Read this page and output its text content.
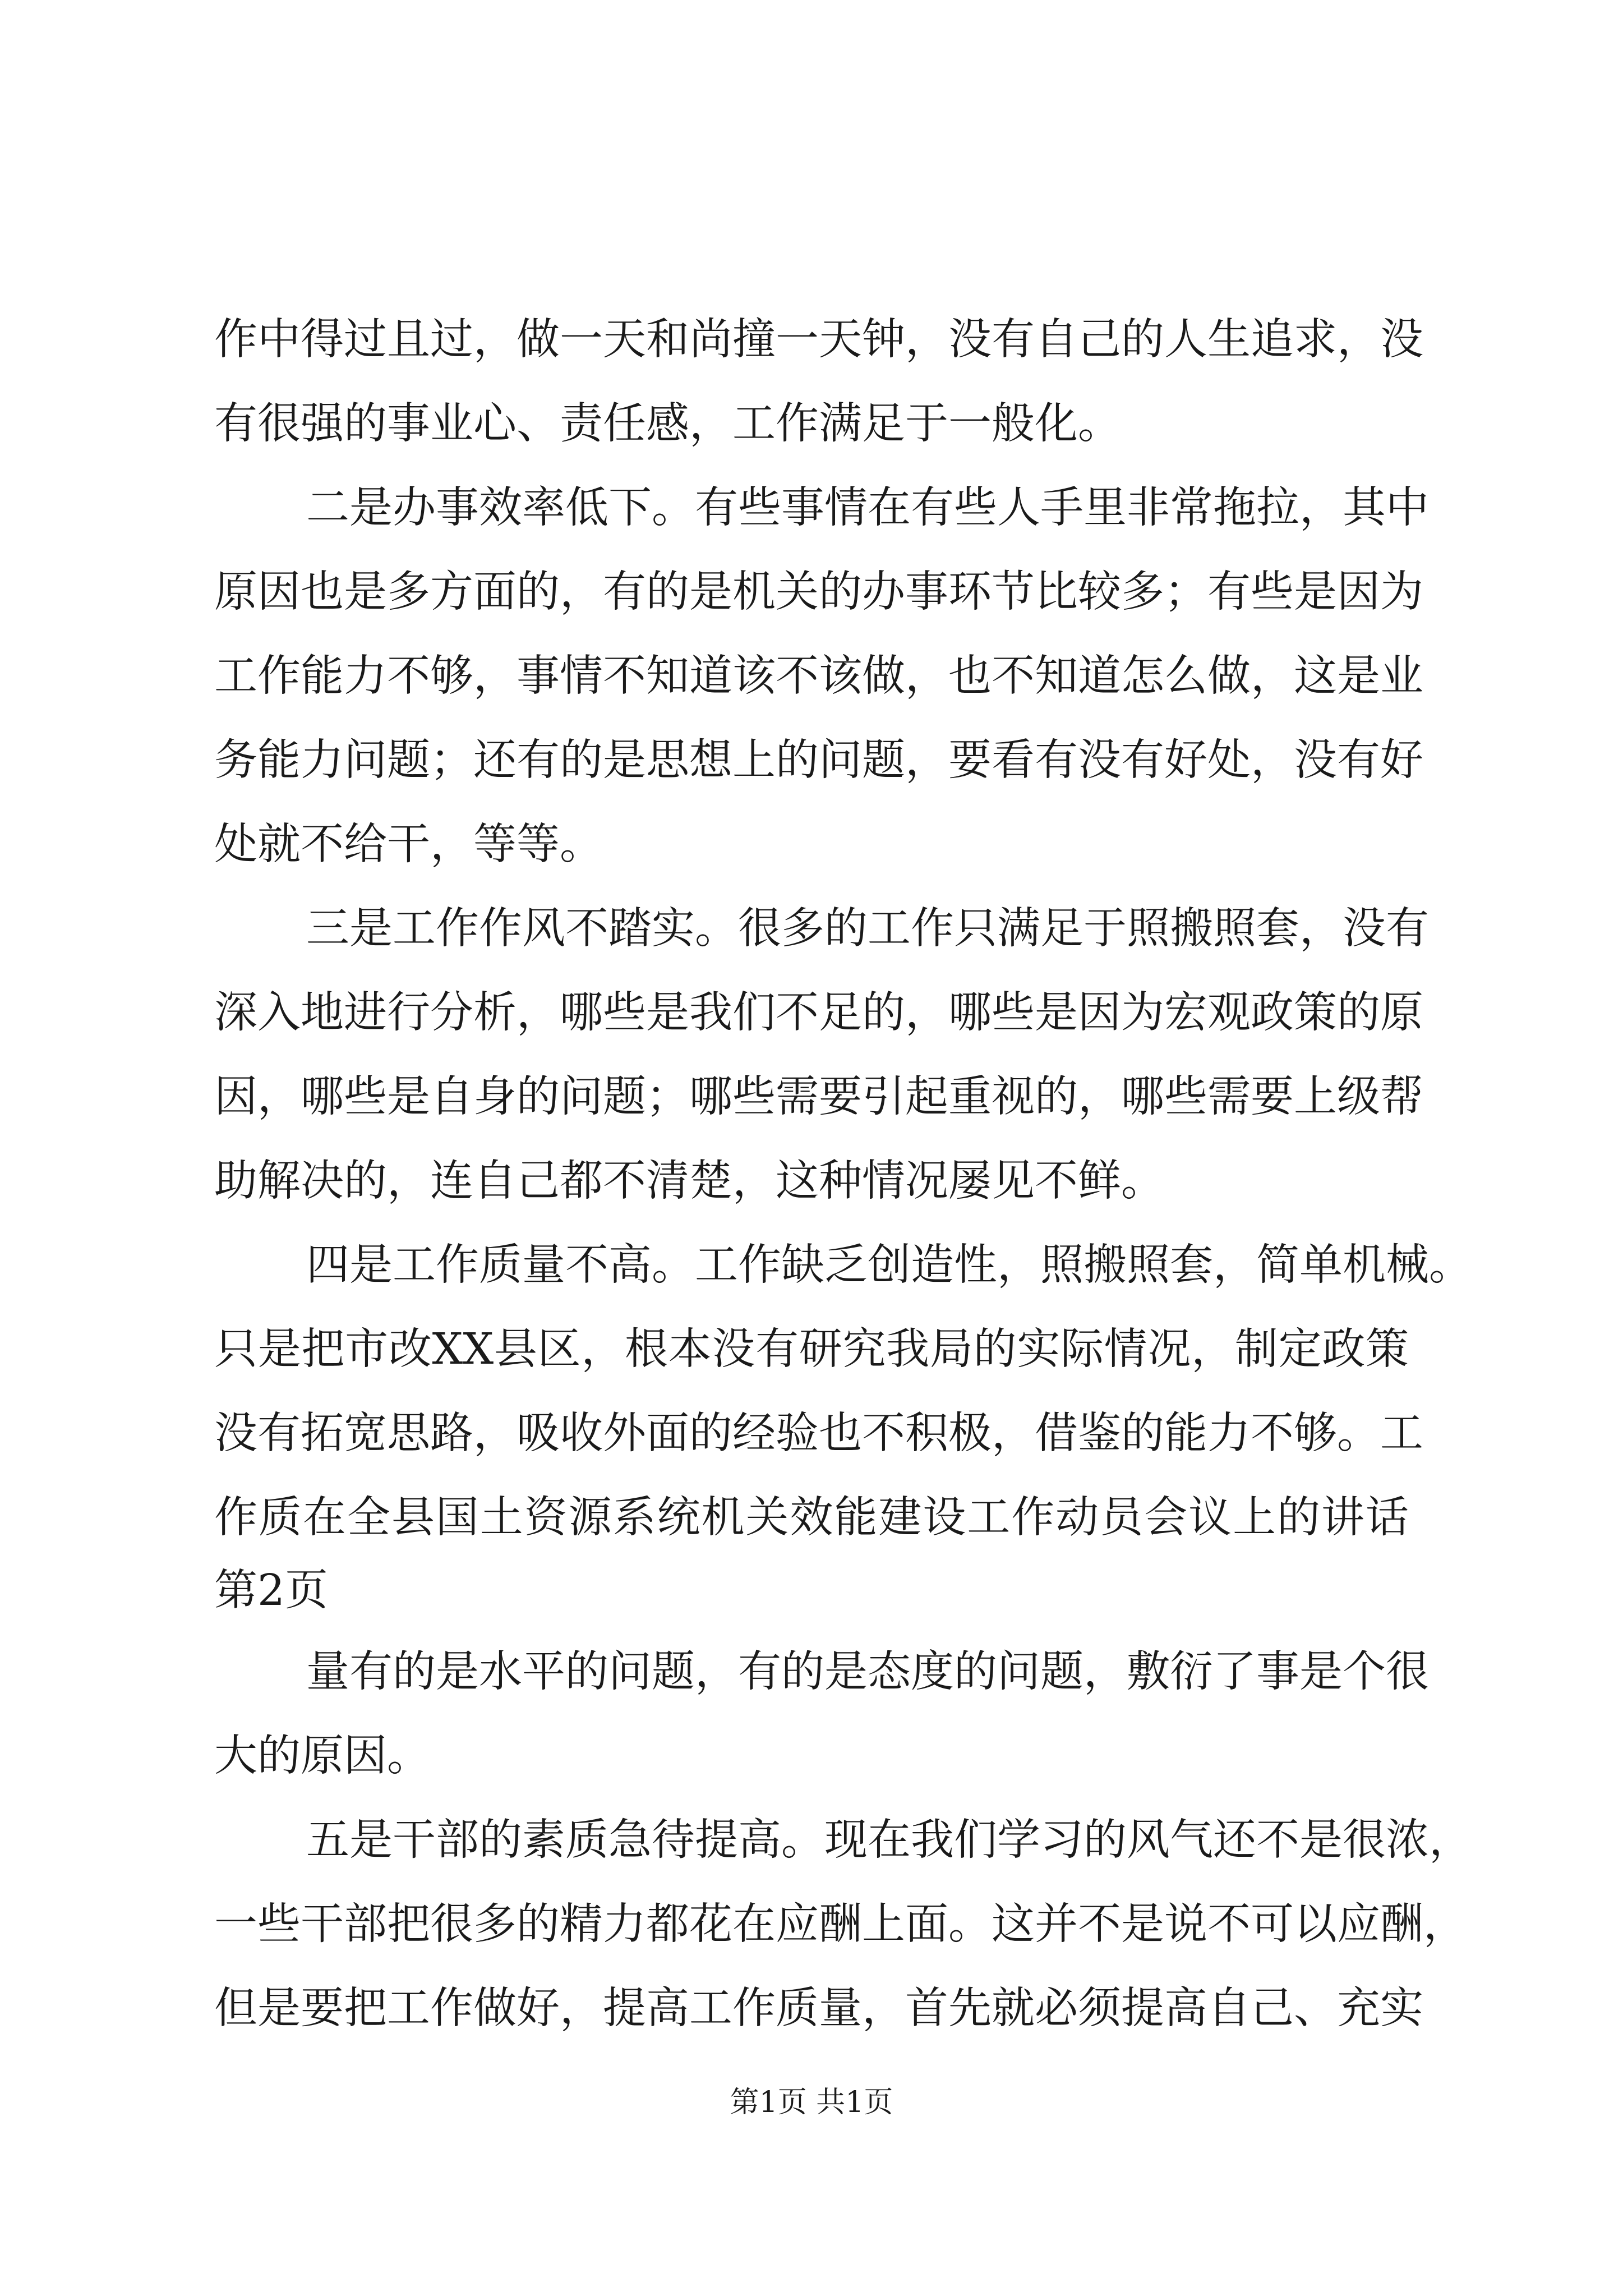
作中得过且过，做一天和尚撞一天钟，没有自己的人生追求，没
有很强的事业心、责任感，工作满足于一般化。
二是办事效率低下。有些事情在有些人手里非常拖拉，其中
原因也是多方面的，有的是机关的办事环节比较多；有些是因为
工作能力不够，事情不知道该不该做，也不知道怎么做，这是业
务能力问题；还有的是思想上的问题，要看有没有好处，没有好
处就不给干，等等。
三是工作作风不踏实。很多的工作只满足于照搬照套，没有
深入地进行分析，哪些是我们不足的，哪些是因为宏观政策的原
因，哪些是自身的问题；哪些需要引起重视的，哪些需要上级帮
助解决的，连自己都不清楚，这种情况屡见不鲜。
四是工作质量不高。工作缺乏创造性，照搬照套，简单机械。
只是把市改XX县区，根本没有研究我局的实际情况，制定政策
没有拓宽思路，吸收外面的经验也不积极，借鉴的能力不够。工
作质在全县国土资源系统机关效能建设工作动员会议上的讲话
第2页
量有的是水平的问题，有的是态度的问题，敷衍了事是个很
大的原因。
五是干部的素质急待提高。现在我们学习的风气还不是很浓，
一些干部把很多的精力都花在应酬上面。这并不是说不可以应酬，
但是要把工作做好，提高工作质量，首先就必须提高自己、充实
第1页 共1页
